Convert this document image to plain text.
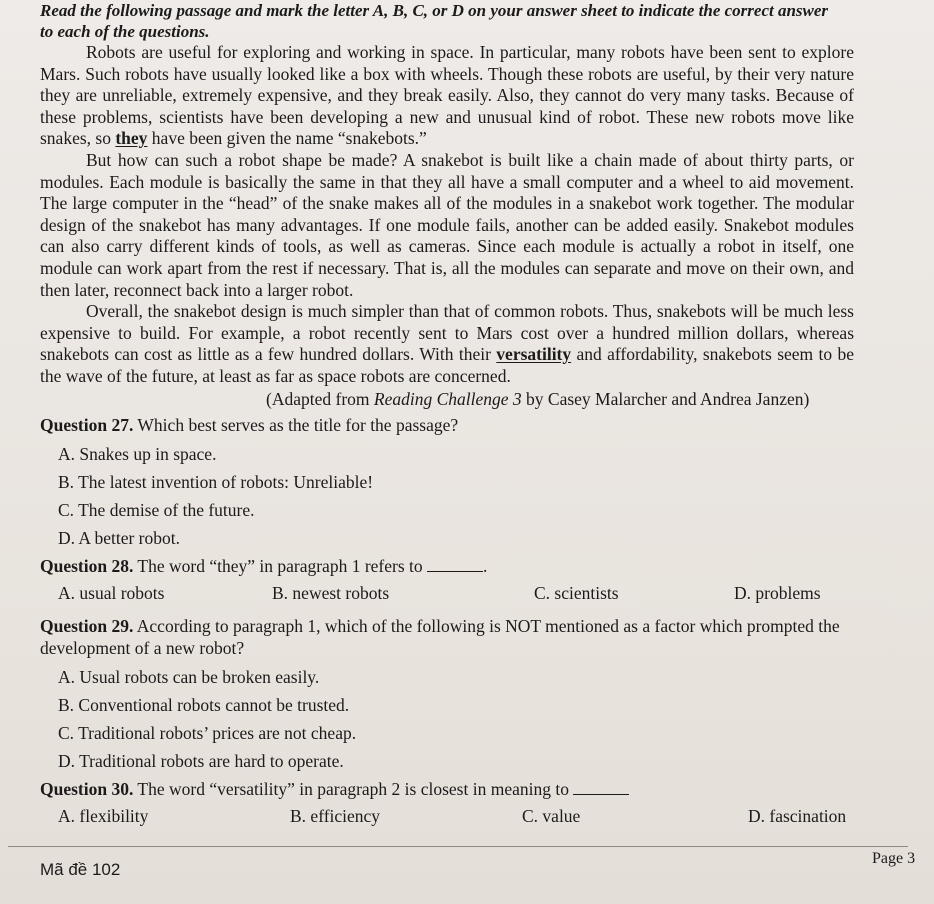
Read the following passage and mark the letter A, B, C, or D on your answer sheet to indicate the correct answer to each of the questions.

Robots are useful for exploring and working in space. In particular, many robots have been sent to explore Mars. Such robots have usually looked like a box with wheels. Though these robots are useful, by their very nature they are unreliable, extremely expensive, and they break easily. Also, they cannot do very many tasks. Because of these problems, scientists have been developing a new and unusual kind of robot. These new robots move like snakes, so they have been given the name “snakebots.”

But how can such a robot shape be made? A snakebot is built like a chain made of about thirty parts, or modules. Each module is basically the same in that they all have a small computer and a wheel to aid movement. The large computer in the “head” of the snake makes all of the modules in a snakebot work together. The modular design of the snakebot has many advantages. If one module fails, another can be added easily. Snakebot modules can also carry different kinds of tools, as well as cameras. Since each module is actually a robot in itself, one module can work apart from the rest if necessary. That is, all the modules can separate and move on their own, and then later, reconnect back into a larger robot.

Overall, the snakebot design is much simpler than that of common robots. Thus, snakebots will be much less expensive to build. For example, a robot recently sent to Mars cost over a hundred million dollars, whereas snakebots can cost as little as a few hundred dollars. With their versatility and affordability, snakebots seem to be the wave of the future, at least as far as space robots are concerned.

(Adapted from Reading Challenge 3 by Casey Malarcher and Andrea Janzen)
Question 27. Which best serves as the title for the passage?
A. Snakes up in space.
B. The latest invention of robots: Unreliable!
C. The demise of the future.
D. A better robot.
Question 28. The word “they” in paragraph 1 refers to	.
A. usual robots	B. newest robots	C. scientists	D. problems
Question 29. According to paragraph 1, which of the following is NOT mentioned as a factor which prompted the development of a new robot?
A. Usual robots can be broken easily.
B. Conventional robots cannot be trusted.
C. Traditional robots’ prices are not cheap.
D. Traditional robots are hard to operate.
Question 30. The word “versatility” in paragraph 2 is closest in meaning to
A. flexibility	B. efficiency	C. value	D. fascination
Mã đề 102
Page 3
